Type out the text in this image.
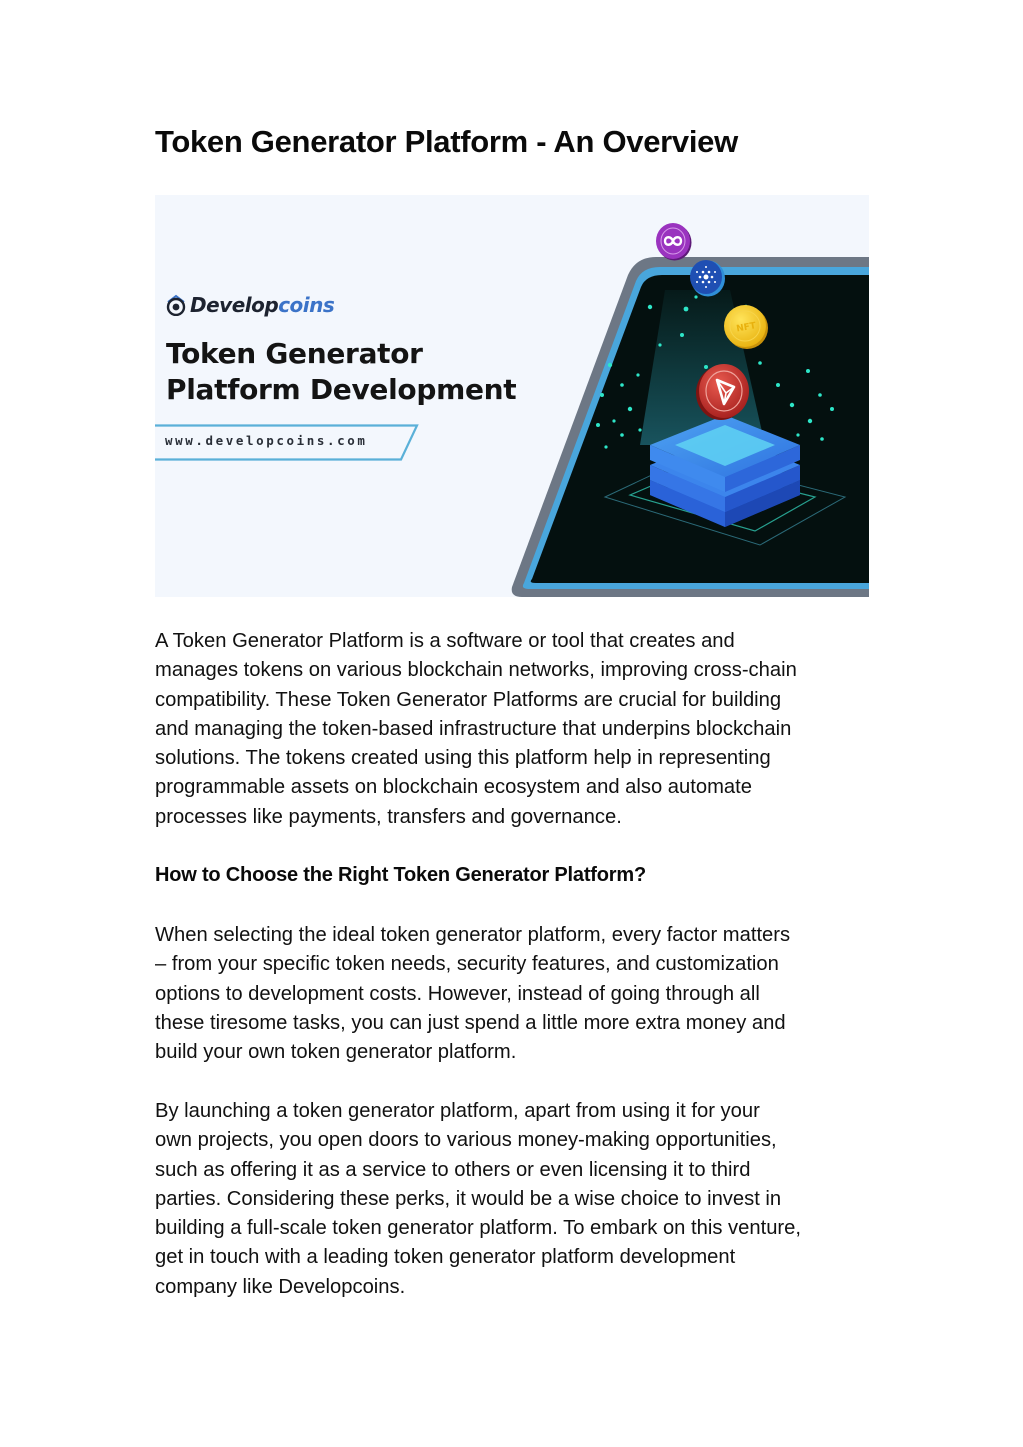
Token Generator Platform - An Overview
Developcoins
Token Generator
Platform Development
www.developcoins.com
NFT

A Token Generator Platform is a software or tool that creates and
manages tokens on various blockchain networks, improving cross-chain
compatibility. These Token Generator Platforms are crucial for building
and managing the token-based infrastructure that underpins blockchain
solutions. The tokens created using this platform help in representing
programmable assets on blockchain ecosystem and also automate
processes like payments, transfers and governance.

How to Choose the Right Token Generator Platform?

When selecting the ideal token generator platform, every factor matters
– from your specific token needs, security features, and customization
options to development costs. However, instead of going through all
these tiresome tasks, you can just spend a little more extra money and
build your own token generator platform.

By launching a token generator platform, apart from using it for your
own projects, you open doors to various money-making opportunities,
such as offering it as a service to others or even licensing it to third
parties. Considering these perks, it would be a wise choice to invest in
building a full-scale token generator platform. To embark on this venture,
get in touch with a leading token generator platform development
company like Developcoins.
